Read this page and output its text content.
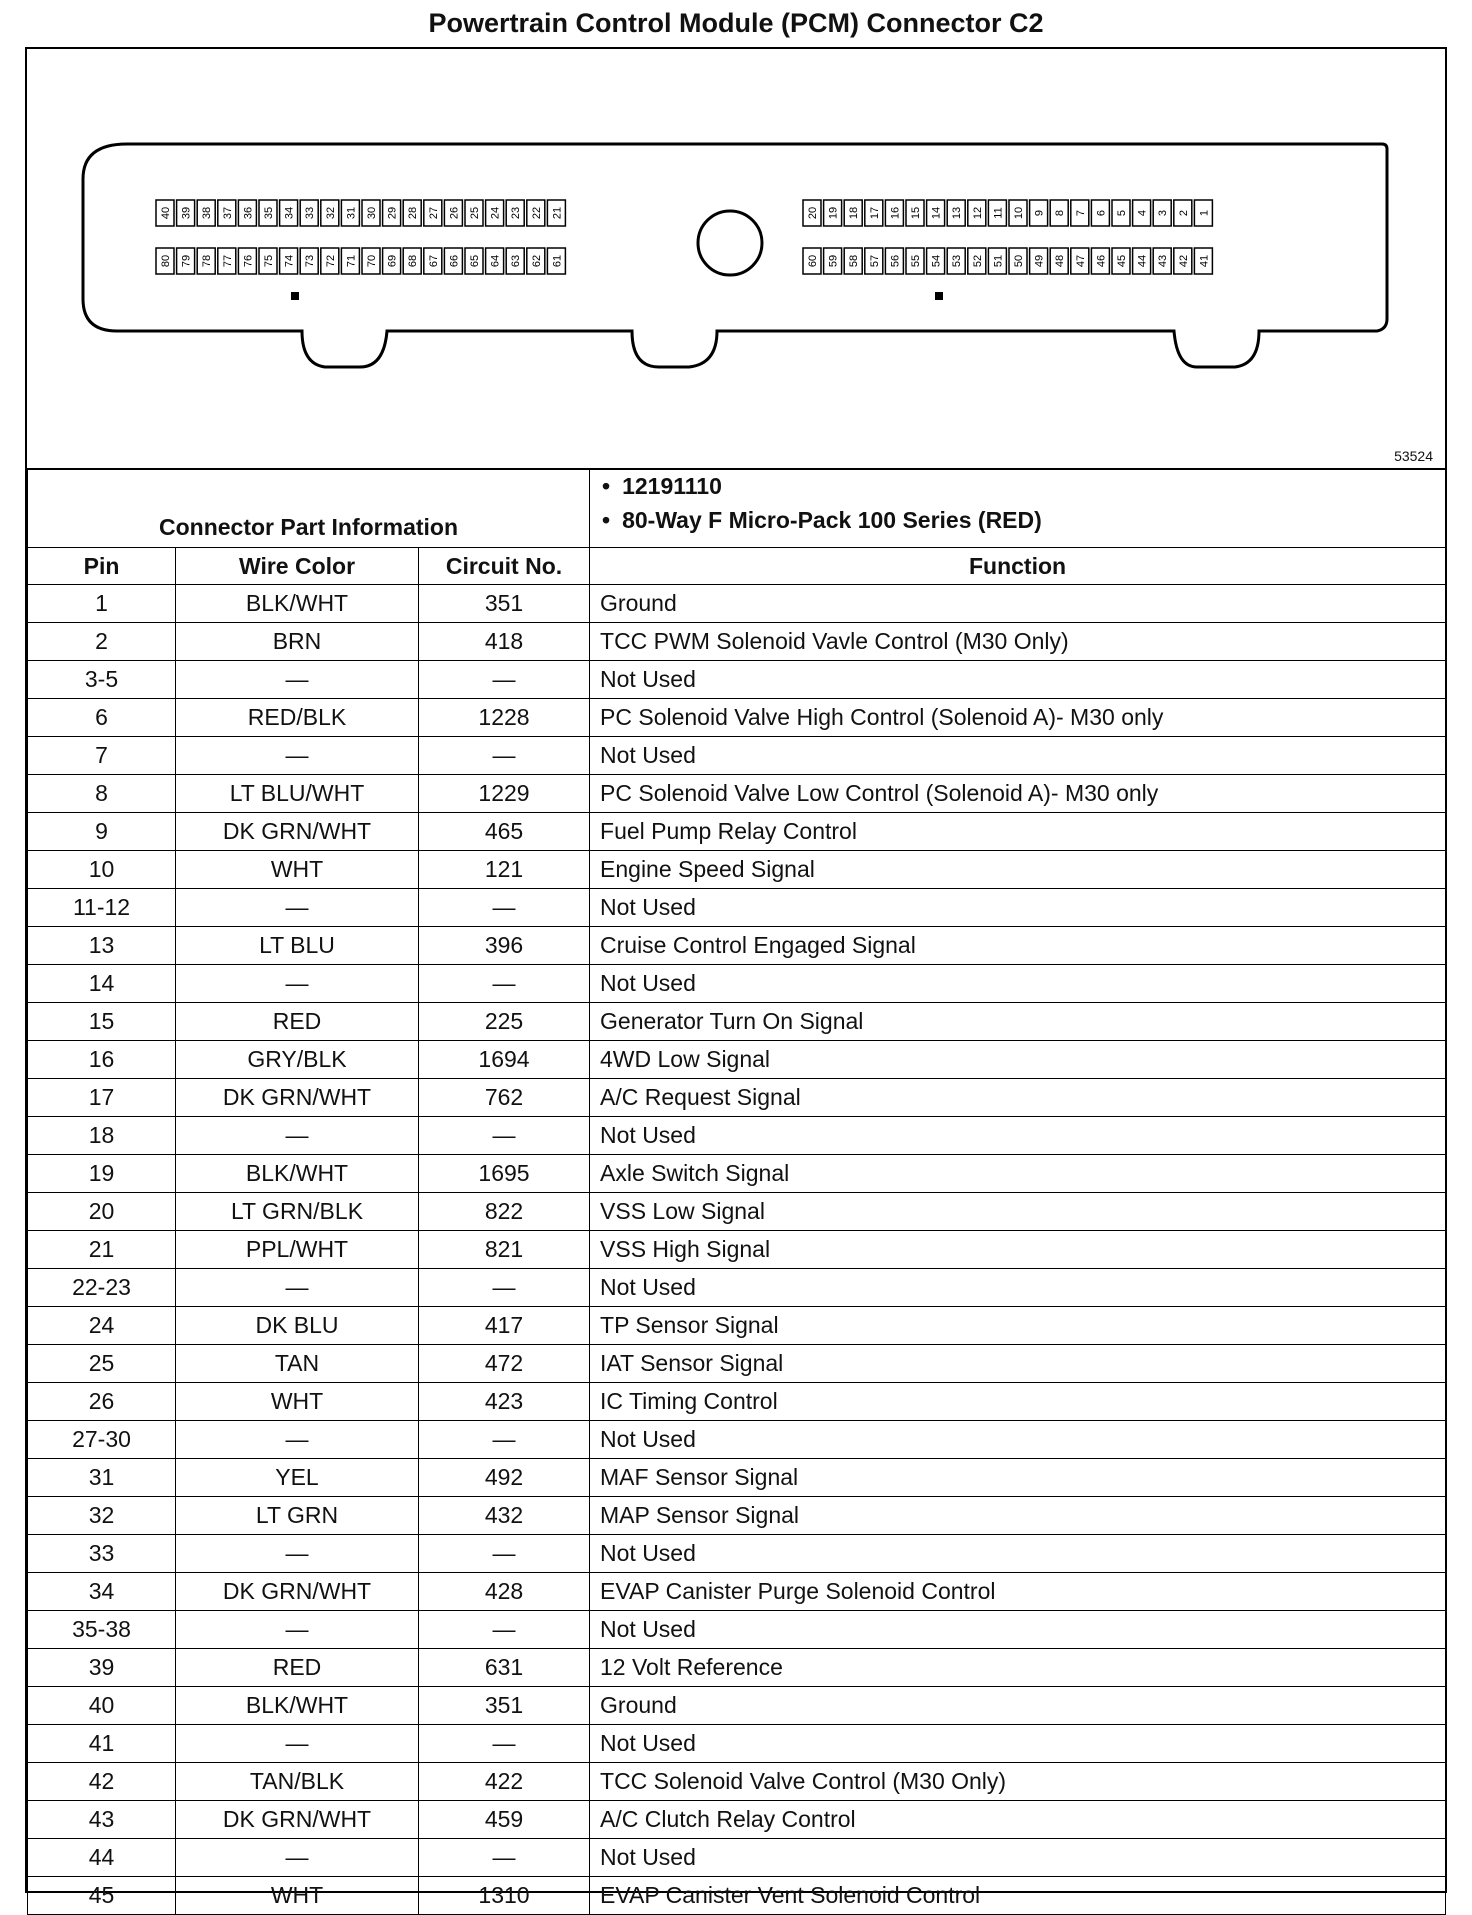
Powertrain Control Module (PCM) Connector C2
40 39 38 37 36 35 34 33 32 31 30 29 28 27 26 25 24 23 22 21
80 79 78 77 76 75 74 73 72 71 70 69 68 67 66 65 64 63 62 61
20 19 18 17 16 15 14 13 12 11 10 9 8 7 6 5 4 3 2 1
60 59 58 57 56 55 54 53 52 51 50 49 48 47 46 45 44 43 42 41
53524
Connector Part Information			• 12191110
• 80-Way F Micro-Pack 100 Series (RED)

Pin	Wire Color	Circuit No.	Function
1	BLK/WHT	351	Ground
2	BRN	418	TCC PWM Solenoid Vavle Control (M30 Only)
3-5	—	—	Not Used
6	RED/BLK	1228	PC Solenoid Valve High Control (Solenoid A)- M30 only
7	—	—	Not Used
8	LT BLU/WHT	1229	PC Solenoid Valve Low Control (Solenoid A)- M30 only
9	DK GRN/WHT	465	Fuel Pump Relay Control
10	WHT	121	Engine Speed Signal
11-12	—	—	Not Used
13	LT BLU	396	Cruise Control Engaged Signal
14	—	—	Not Used
15	RED	225	Generator Turn On Signal
16	GRY/BLK	1694	4WD Low Signal
17	DK GRN/WHT	762	A/C Request Signal
18	—	—	Not Used
19	BLK/WHT	1695	Axle Switch Signal
20	LT GRN/BLK	822	VSS Low Signal
21	PPL/WHT	821	VSS High Signal
22-23	—	—	Not Used
24	DK BLU	417	TP Sensor Signal
25	TAN	472	IAT Sensor Signal
26	WHT	423	IC Timing Control
27-30	—	—	Not Used
31	YEL	492	MAF Sensor Signal
32	LT GRN	432	MAP Sensor Signal
33	—	—	Not Used
34	DK GRN/WHT	428	EVAP Canister Purge Solenoid Control
35-38	—	—	Not Used
39	RED	631	12 Volt Reference
40	BLK/WHT	351	Ground
41	—	—	Not Used
42	TAN/BLK	422	TCC Solenoid Valve Control (M30 Only)
43	DK GRN/WHT	459	A/C Clutch Relay Control
44	—	—	Not Used
45	WHT	1310	EVAP Canister Vent Solenoid Control
